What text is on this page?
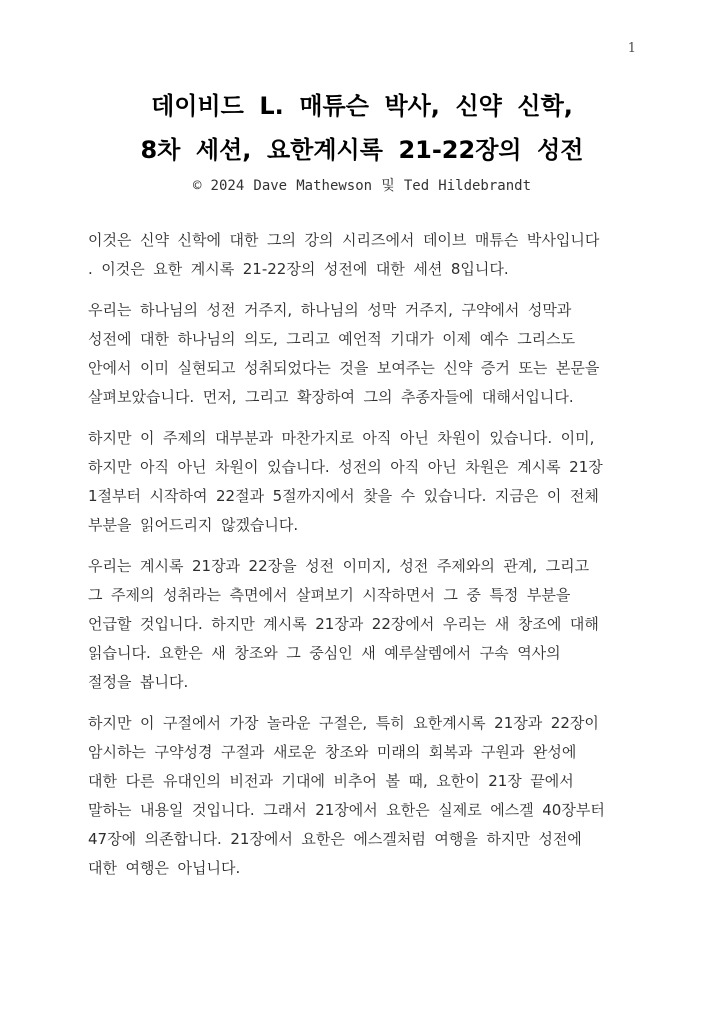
1
데이비드 L. 매튜슨 박사, 신약 신학,
8차 세션, 요한계시록 21-22장의 성전
© 2024 Dave Mathewson 및 Ted Hildebrandt

이것은 신약 신학에 대한 그의 강의 시리즈에서 데이브 매튜슨 박사입니다
. 이것은 요한 계시록 21-22장의 성전에 대한 세션 8입니다.

우리는 하나님의 성전 거주지, 하나님의 성막 거주지, 구약에서 성막과
성전에 대한 하나님의 의도, 그리고 예언적 기대가 이제 예수 그리스도
안에서 이미 실현되고 성취되었다는 것을 보여주는 신약 증거 또는 본문을
살펴보았습니다. 먼저, 그리고 확장하여 그의 추종자들에 대해서입니다.

하지만 이 주제의 대부분과 마찬가지로 아직 아닌 차원이 있습니다. 이미,
하지만 아직 아닌 차원이 있습니다. 성전의 아직 아닌 차원은 계시록 21장
1절부터 시작하여 22절과 5절까지에서 찾을 수 있습니다. 지금은 이 전체
부분을 읽어드리지 않겠습니다.

우리는 계시록 21장과 22장을 성전 이미지, 성전 주제와의 관계, 그리고
그 주제의 성취라는 측면에서 살펴보기 시작하면서 그 중 특정 부분을
언급할 것입니다. 하지만 계시록 21장과 22장에서 우리는 새 창조에 대해
읽습니다. 요한은 새 창조와 그 중심인 새 예루살렘에서 구속 역사의
절정을 봅니다.

하지만 이 구절에서 가장 놀라운 구절은, 특히 요한계시록 21장과 22장이
암시하는 구약성경 구절과 새로운 창조와 미래의 회복과 구원과 완성에
대한 다른 유대인의 비전과 기대에 비추어 볼 때, 요한이 21장 끝에서
말하는 내용일 것입니다. 그래서 21장에서 요한은 실제로 에스겔 40장부터
47장에 의존합니다. 21장에서 요한은 에스겔처럼 여행을 하지만 성전에
대한 여행은 아닙니다.
